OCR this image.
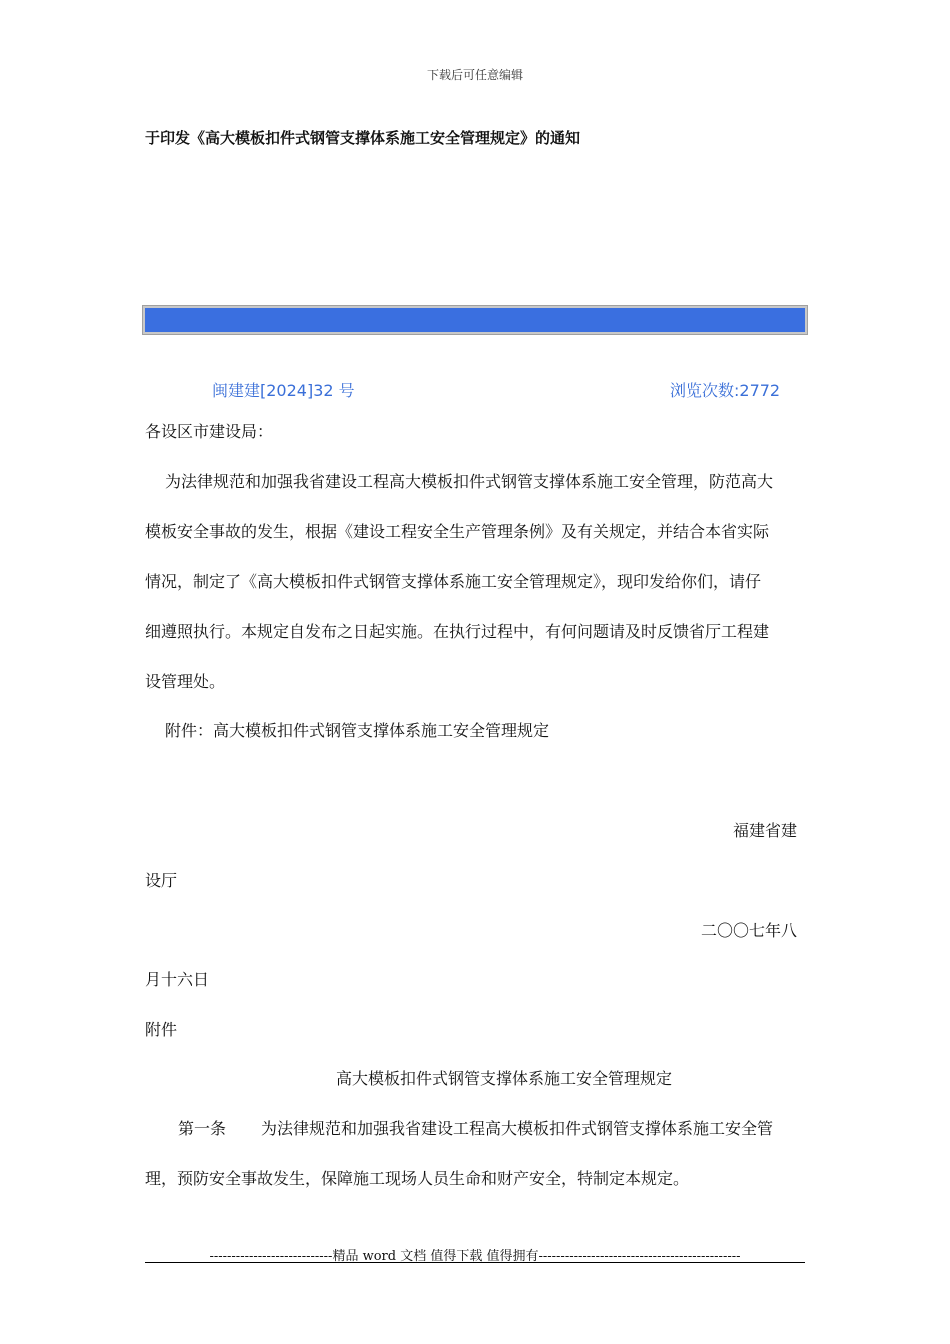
下载后可任意编辑
于印发《高大模板扣件式钢管支撑体系施工安全管理规定》的通知
闽建建[2024]32 号	浏览次数:2772
各设区市建设局：
为法律规范和加强我省建设工程高大模板扣件式钢管支撑体系施工安全管理，防范高大
模板安全事故的发生，根据《建设工程安全生产管理条例》及有关规定，并结合本省实际
情况，制定了《高大模板扣件式钢管支撑体系施工安全管理规定》，现印发给你们，请仔
细遵照执行。本规定自发布之日起实施。在执行过程中，有何问题请及时反馈省厅工程建
设管理处。
附件：高大模板扣件式钢管支撑体系施工安全管理规定
福建省建
设厅
二〇〇七年八
月十六日
附件
高大模板扣件式钢管支撑体系施工安全管理规定
第一条 为法律规范和加强我省建设工程高大模板扣件式钢管支撑体系施工安全管
理，预防安全事故发生，保障施工现场人员生命和财产安全，特制定本规定。
----------------------------精品 word 文档 值得下载 值得拥有----------------------------------------------
